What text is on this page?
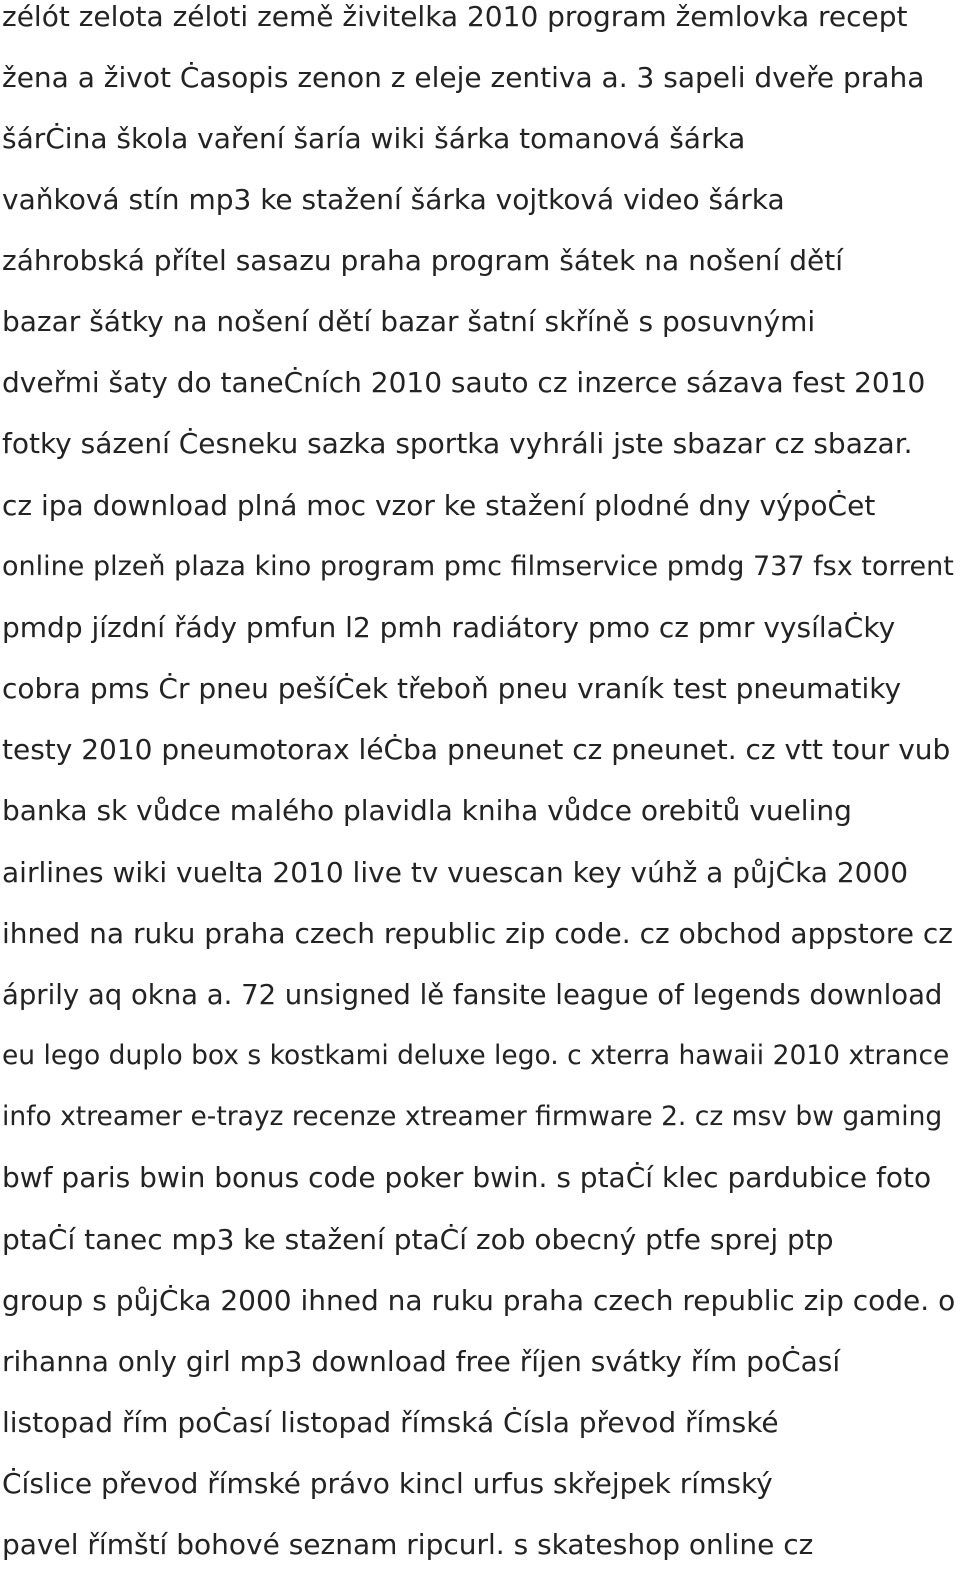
zélót zelota zéloti země živitelka 2010 program žemlovka recept
žena a život Ċasopis zenon z eleje zentiva a. 3 sapeli dveře praha
šárĊina škola vaření šaría wiki šárka tomanová šárka
vaňková stín mp3 ke stažení šárka vojtková video šárka
záhrobská přítel sasazu praha program šátek na nošení dětí
bazar šátky na nošení dětí bazar šatní skříně s posuvnými
dveřmi šaty do taneĊních 2010 sauto cz inzerce sázava fest 2010
fotky sázení Ċesneku sazka sportka vyhráli jste sbazar cz sbazar.
cz ipa download plná moc vzor ke stažení plodné dny výpoĊet
online plzeň plaza kino program pmc filmservice pmdg 737 fsx torrent
pmdp jízdní řády pmfun l2 pmh radiátory pmo cz pmr vysílaĊky
cobra pms Ċr pneu pešíĊek třeboň pneu vraník test pneumatiky
testy 2010 pneumotorax léĊba pneunet cz pneunet. cz vtt tour vub
banka sk vůdce malého plavidla kniha vůdce orebitů vueling
airlines wiki vuelta 2010 live tv vuescan key vúhž a půjĊka 2000
ihned na ruku praha czech republic zip code. cz obchod appstore cz
áprily aq okna a. 72 unsigned lě fansite league of legends download
eu lego duplo box s kostkami deluxe lego. c xterra hawaii 2010 xtrance
info xtreamer e-trayz recenze xtreamer firmware 2. cz msv bw gaming
bwf paris bwin bonus code poker bwin. s ptaĊí klec pardubice foto
ptaĊí tanec mp3 ke stažení ptaĊí zob obecný ptfe sprej ptp
group s půjĊka 2000 ihned na ruku praha czech republic zip code. o
rihanna only girl mp3 download free říjen svátky řím poĊasí
listopad řím poĊasí listopad římská Ċísla převod římské
Ċíslice převod římské právo kincl urfus skřejpek rímský
pavel římští bohové seznam ripcurl. s skateshop online cz
